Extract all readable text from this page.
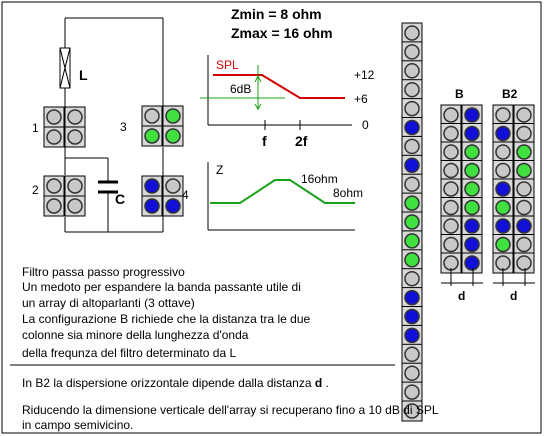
Zmin = 8 ohm
Zmax = 16 ohm
L
C
1
2
3
4
SPL
6dB
+12
+6
0
f 2f
Z
16ohm
8ohm
B	B2
d	d
Filtro passa passo progressivo
Un medoto per espandere la banda passante utile di
un array di altoparlanti (3 ottave)
La configurazione B richiede che la distanza tra le due
colonne sia minore della lunghezza d'onda
della frequnza del filtro determinato da L
In B2 la dispersione orizzontale dipende dalla distanza d .
Riducendo la dimensione verticale dell'array si recuperano fino a 10 dB di SPL
in campo semivicino.
